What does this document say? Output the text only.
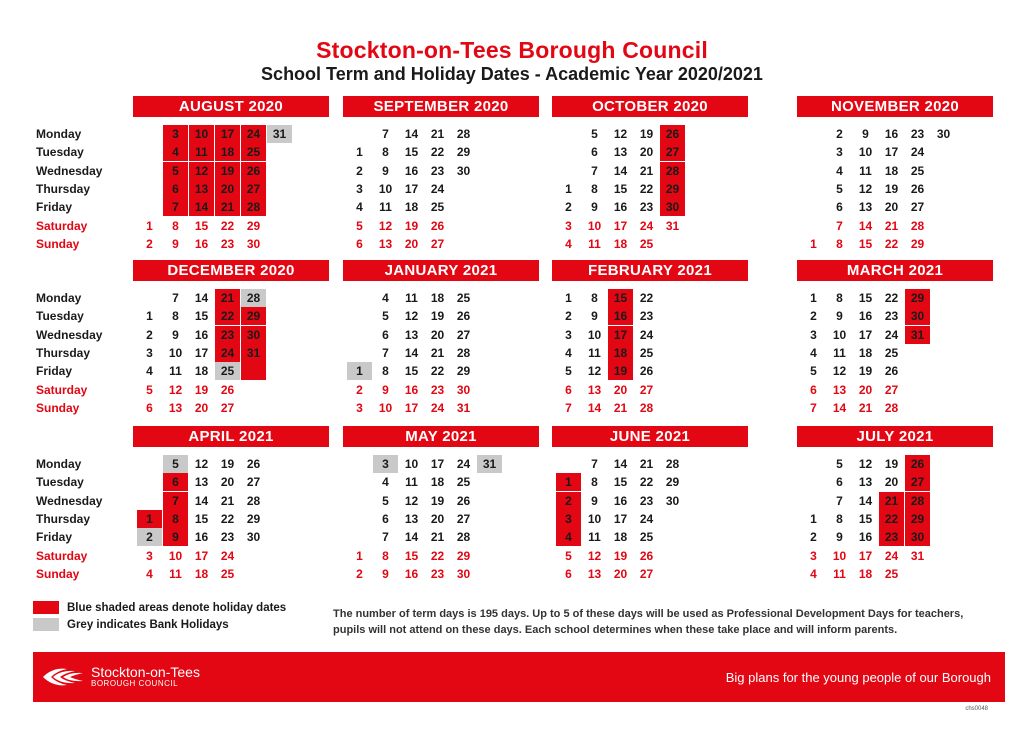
Stockton-on-Tees Borough Council
School Term and Holiday Dates - Academic Year 2020/2021
Monday
Tuesday
Wednesday
Thursday
Friday
Saturday
Sunday
Monday
Tuesday
Wednesday
Thursday
Friday
Saturday
Sunday
Monday
Tuesday
Wednesday
Thursday
Friday
Saturday
Sunday
AUGUST 2020
1
2
3
4
5
6
7
8
9
10
11
12
13
14
15
16
17
18
19
20
21
22
23
24
25
26
27
28
29
30
31
SEPTEMBER 2020
1
2
3
4
5
6
7
8
9
10
11
12
13
14
15
16
17
18
19
20
21
22
23
24
25
26
27
28
29
30
OCTOBER 2020
1
2
3
4
5
6
7
8
9
10
11
12
13
14
15
16
17
18
19
20
21
22
23
24
25
26
27
28
29
30
31
NOVEMBER 2020
1
2
3
4
5
6
7
8
9
10
11
12
13
14
15
16
17
18
19
20
21
22
23
24
25
26
27
28
29
30
DECEMBER 2020
1
2
3
4
5
6
7
8
9
10
11
12
13
14
15
16
17
18
19
20
21
22
23
24
25
26
27
28
29
30
31
JANUARY 2021
1
2
3
4
5
6
7
8
9
10
11
12
13
14
15
16
17
18
19
20
21
22
23
24
25
26
27
28
29
30
31
FEBRUARY 2021
1
2
3
4
5
6
7
8
9
10
11
12
13
14
15
16
17
18
19
20
21
22
23
24
25
26
27
28
MARCH 2021
1
2
3
4
5
6
7
8
9
10
11
12
13
14
15
16
17
18
19
20
21
22
23
24
25
26
27
28
29
30
31
APRIL 2021
1
2
3
4
5
6
7
8
9
10
11
12
13
14
15
16
17
18
19
20
21
22
23
24
25
26
27
28
29
30
MAY 2021
1
2
3
4
5
6
7
8
9
10
11
12
13
14
15
16
17
18
19
20
21
22
23
24
25
26
27
28
29
30
31
JUNE 2021
1
2
3
4
5
6
7
8
9
10
11
12
13
14
15
16
17
18
19
20
21
22
23
24
25
26
27
28
29
30
JULY 2021
1
2
3
4
5
6
7
8
9
10
11
12
13
14
15
16
17
18
19
20
21
22
23
24
25
26
27
28
29
30
31
Blue shaded areas denote holiday dates
Grey indicates Bank Holidays
The number of term days is 195 days. Up to 5 of these days will be used as Professional Development Days for teachers, pupils will not attend on these days. Each school determines when these take place and will inform parents.
Stockton-on-Tees
BOROUGH COUNCIL	Big plans for the young people of our Borough
chs0048
